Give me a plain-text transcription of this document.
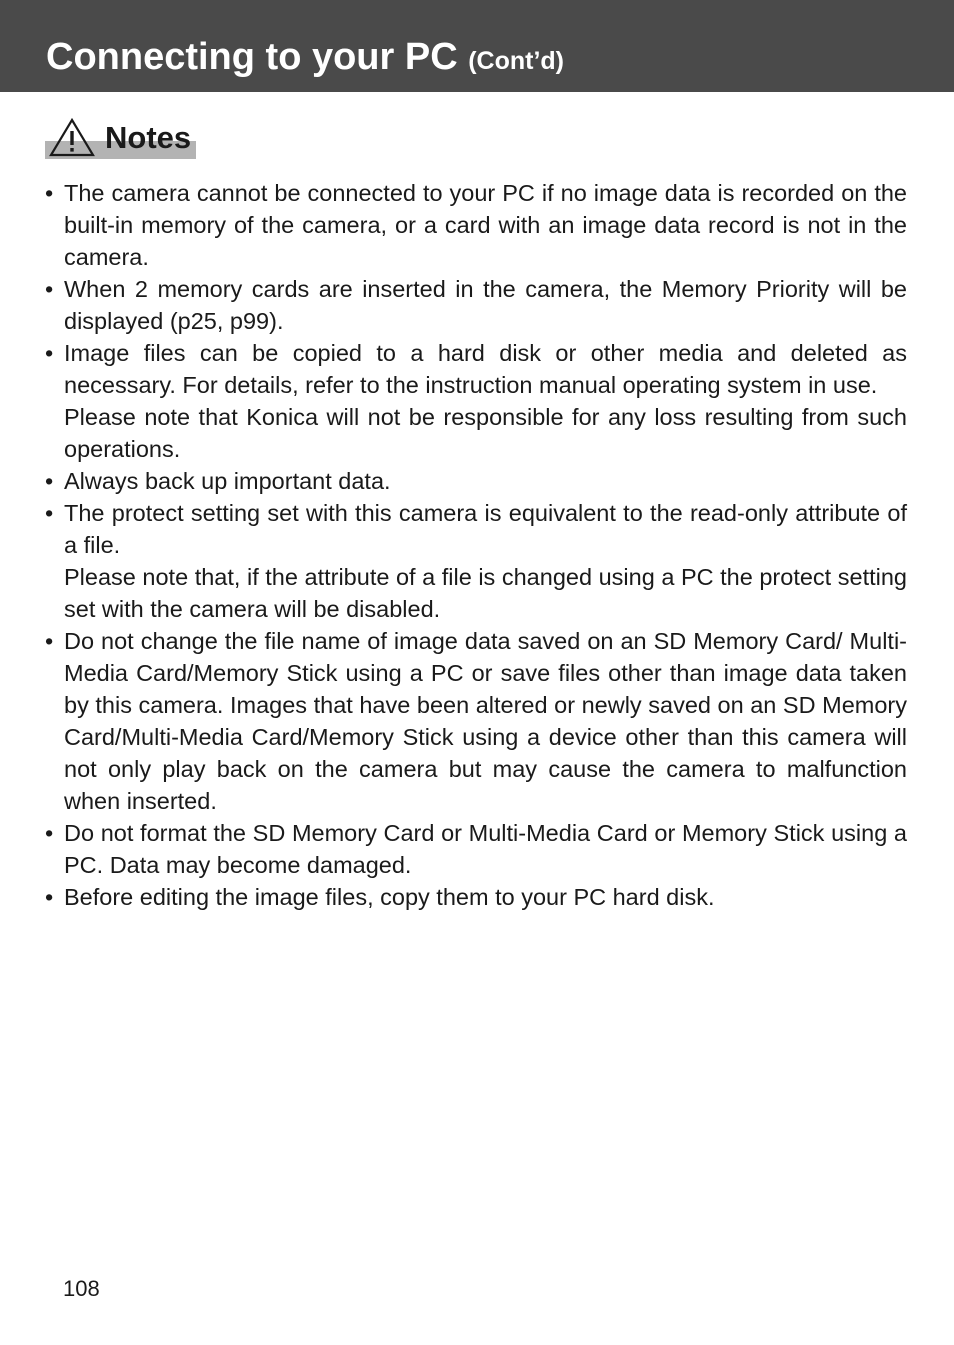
Connecting to your PC (Cont’d)
Notes
• The camera cannot be connected to your PC if no image data is recorded on the built-in memory of the camera, or a card with an image data record is not in the camera.
• When 2 memory cards are inserted in the camera, the Memory Priority will be displayed (p25, p99).
• Image files can be copied to a hard disk or other media and deleted as necessary. For details, refer to the instruction manual operating system in use.
Please note that Konica will not be responsible for any loss resulting from such operations.
• Always back up important data.
• The protect setting set with this camera is equivalent to the read-only attribute of a file.
Please note that, if the attribute of a file is changed using a PC the protect setting set with the camera will be disabled.
• Do not change the file name of image data saved on an SD Memory Card/ Multi-Media Card/Memory Stick using a PC or save files other than image data taken by this camera. Images that have been altered or newly saved on an SD Memory Card/Multi-Media Card/Memory Stick using a device other than this camera will not only play back on the camera but may cause the camera to malfunction when inserted.
• Do not format the SD Memory Card or Multi-Media Card or Memory Stick using a PC. Data may become damaged.
• Before editing the image files, copy them to your PC hard disk.
108
